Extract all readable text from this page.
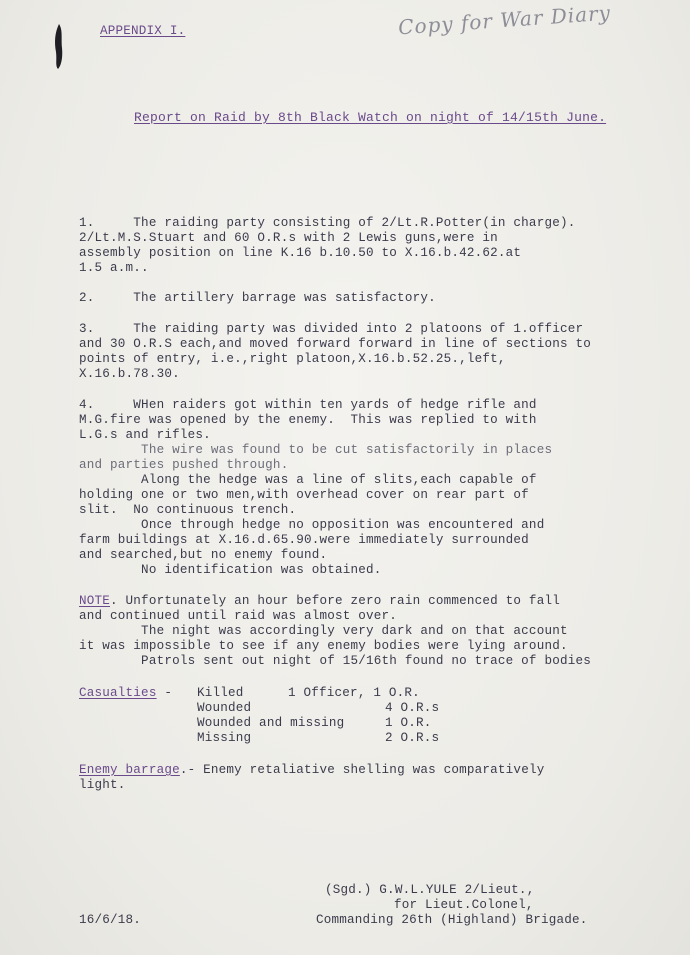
APPENDIX I.	Copy for War Diary
Report on Raid by 8th Black Watch on night of 14/15th June.
1.     The raiding party consisting of 2/Lt.R.Potter(in charge).
2/Lt.M.S.Stuart and 60 O.R.s with 2 Lewis guns,were in
assembly position on line K.16 b.10.50 to X.16.b.42.62.at
1.5 a.m..
2.     The artillery barrage was satisfactory.
3.     The raiding party was divided into 2 platoons of 1.officer
and 30 O.R.S each,and moved forward forward in line of sections to
points of entry, i.e.,right platoon,X.16.b.52.25.,left,
X.16.b.78.30.
4.     WHen raiders got within ten yards of hedge rifle and
M.G.fire was opened by the enemy.  This was replied to with
L.G.s and rifles.
The wire was found to be cut satisfactorily in places
and parties pushed through.
Along the hedge was a line of slits,each capable of
holding one or two men,with overhead cover on rear part of
slit.  No continuous trench.
Once through hedge no opposition was encountered and
farm buildings at X.16.d.65.90.were immediately surrounded
and searched,but no enemy found.
No identification was obtained.
NOTE. Unfortunately an hour before zero rain commenced to fall
and continued until raid was almost over.
The night was accordingly very dark and on that account
it was impossible to see if any enemy bodies were lying around.
Patrols sent out night of 15/16th found no trace of bodies
Casualties - Killed	1 Officer, 1 O.R.
Wounded	4 O.R.s
Wounded and missing	1 O.R.
Missing	2 O.R.s
Enemy barrage.- Enemy retaliative shelling was comparatively
light.
(Sgd.) G.W.L.YULE 2/Lieut.,
for Lieut.Colonel,
Commanding 26th (Highland) Brigade.
16/6/18.
